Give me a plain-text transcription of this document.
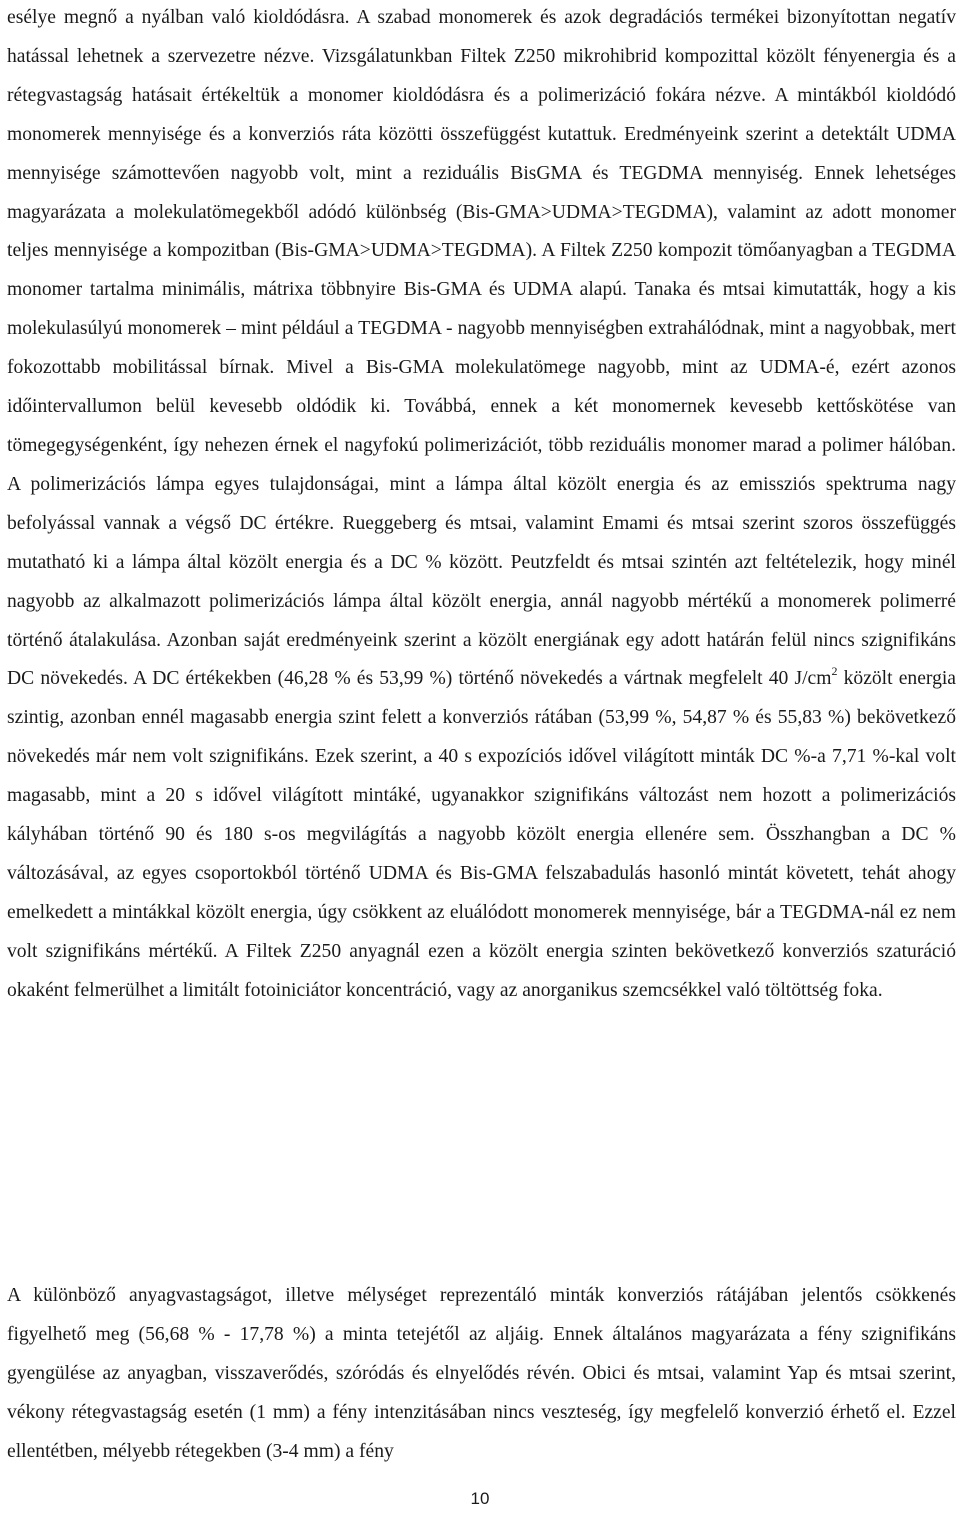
esélye megnő a nyálban való kioldódásra. A szabad monomerek és azok degradációs termékei bizonyítottan negatív hatással lehetnek a szervezetre nézve. Vizsgálatunkban Filtek Z250 mikrohibrid kompozittal közölt fényenergia és a rétegvastagság hatásait értékeltük a monomer kioldódásra és a polimerizáció fokára nézve. A mintákból kioldódó monomerek mennyisége és a konverziós ráta közötti összefüggést kutattuk. Eredményeink szerint a detektált UDMA mennyisége számottevően nagyobb volt, mint a reziduális BisGMA és TEGDMA mennyiség. Ennek lehetséges magyarázata a molekulatömegekből adódó különbség (Bis-GMA>UDMA>TEGDMA), valamint az adott monomer teljes mennyisége a kompozitban (Bis-GMA>UDMA>TEGDMA). A Filtek Z250 kompozit tömőanyagban a TEGDMA monomer tartalma minimális, mátrixa többnyire Bis-GMA és UDMA alapú. Tanaka és mtsai kimutatták, hogy a kis molekulasúlyú monomerek ‒ mint például a TEGDMA - nagyobb mennyiségben extrahálódnak, mint a nagyobbak, mert fokozottabb mobilitással bírnak. Mivel a Bis-GMA molekulatömege nagyobb, mint az UDMA-é, ezért azonos időintervallumon belül kevesebb oldódik ki. Továbbá, ennek a két monomernek kevesebb kettőskötése van tömegegységenként, így nehezen érnek el nagyfokú polimerizációt, több reziduális monomer marad a polimer hálóban. A polimerizációs lámpa egyes tulajdonságai, mint a lámpa által közölt energia és az emissziós spektruma nagy befolyással vannak a végső DC értékre. Rueggeberg és mtsai, valamint Emami és mtsai szerint szoros összefüggés mutatható ki a lámpa által közölt energia és a DC % között. Peutzfeldt és mtsai szintén azt feltételezik, hogy minél nagyobb az alkalmazott polimerizációs lámpa által közölt energia, annál nagyobb mértékű a monomerek polimerré történő átalakulása. Azonban saját eredményeink szerint a közölt energiának egy adott határán felül nincs szignifikáns DC növekedés. A DC értékekben (46,28 % és 53,99 %) történő növekedés a vártnak megfelelt 40 $J/cm^2$ közölt energia szintig, azonban ennél magasabb energia szint felett a konverziós rátában (53,99 %, 54,87 % és 55,83 %) bekövetkező növekedés már nem volt szignifikáns. Ezek szerint, a 40 s expozíciós idővel világított minták DC %-a 7,71 %-kal volt magasabb, mint a 20 s idővel világított mintáké, ugyanakkor szignifikáns változást nem hozott a polimerizációs kályhában történő 90 és 180 s-os megvilágítás a nagyobb közölt energia ellenére sem. Összhangban a DC % változásával, az egyes csoportokból történő UDMA és Bis-GMA felszabadulás hasonló mintát követett, tehát ahogy emelkedett a mintákkal közölt energia, úgy csökkent az eluálódott monomerek mennyisége, bár a TEGDMA-nál ez nem volt szignifikáns mértékű. A Filtek Z250 anyagnál ezen a közölt energia szinten bekövetkező konverziós szaturáció okaként felmerülhet a limitált fotoiniciátor koncentráció, vagy az anorganikus szemcsékkel való töltöttség foka.

A különböző anyagvastagságot, illetve mélységet reprezentáló minták konverziós rátájában jelentős csökkenés figyelhető meg (56,68 % - 17,78 %) a minta tetejétől az aljáig. Ennek általános magyarázata a fény szignifikáns gyengülése az anyagban, visszaverődés, szóródás és elnyelődés révén. Obici és mtsai, valamint Yap és mtsai szerint, vékony rétegvastagság esetén (1 mm) a fény intenzitásában nincs veszteség, így megfelelő konverzió érhető el. Ezzel ellentétben, mélyebb rétegekben (3-4 mm) a fény

10
